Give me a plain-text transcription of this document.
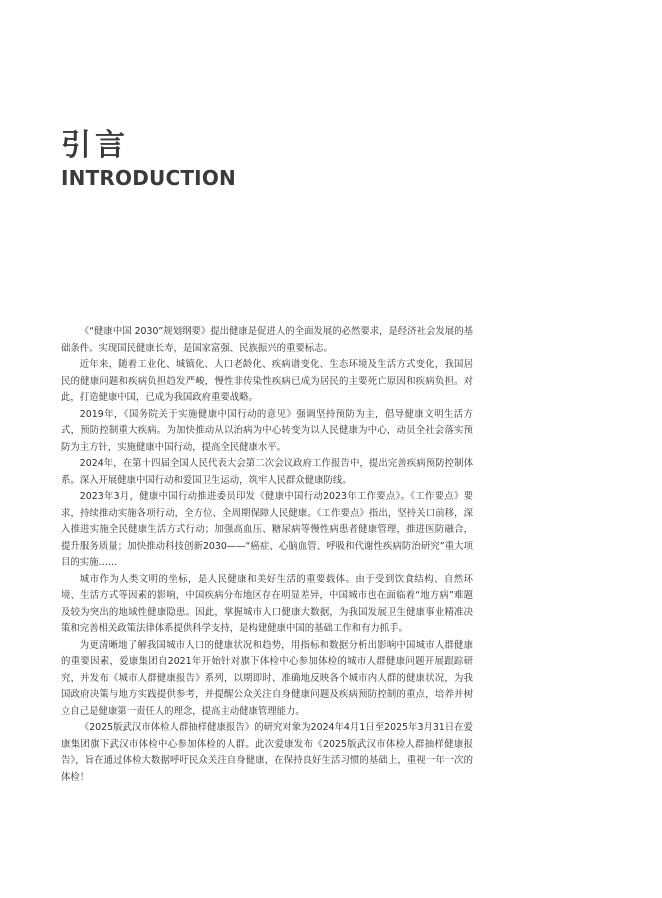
引言
INTRODUCTION

《“健康中国 2030”规划纲要》提出健康是促进人的全面发展的必然要求，是经济社会发展的基础条件。实现国民健康长寿，是国家富强、民族振兴的重要标志。

近年来，随着工业化、城镇化、人口老龄化、疾病谱变化、生态环境及生活方式变化，我国居民的健康问题和疾病负担趋发严峻，慢性非传染性疾病已成为居民的主要死亡原因和疾病负担。对此，打造健康中国，已成为我国政府重要战略。

2019年，《国务院关于实施健康中国行动的意见》强调坚持预防为主，倡导健康文明生活方式，预防控制重大疾病。为加快推动从以治病为中心转变为以人民健康为中心，动员全社会落实预防为主方针，实施健康中国行动，提高全民健康水平。

2024年，在第十四届全国人民代表大会第二次会议政府工作报告中，提出完善疾病预防控制体系。深入开展健康中国行动和爱国卫生运动，筑牢人民群众健康防线。

2023年3月，健康中国行动推进委员印发《健康中国行动2023年工作要点》。《工作要点》要求，持续推动实施各项行动，全方位、全周期保障人民健康。《工作要点》指出，坚持关口前移，深入推进实施全民健康生活方式行动；加强高血压、糖尿病等慢性病患者健康管理，推进医防融合，提升服务质量；加快推动科技创新2030——“癌症、心脑血管、呼吸和代谢性疾病防治研究”重大项目的实施……

城市作为人类文明的坐标，是人民健康和美好生活的重要载体。由于受到饮食结构、自然环境、生活方式等因素的影响，中国疾病分布地区存在明显差异，中国城市也在面临着“地方病”难题及较为突出的地域性健康隐患。因此，掌握城市人口健康大数据，为我国发展卫生健康事业精准决策和完善相关政策法律体系提供科学支持，是构建健康中国的基础工作和有力抓手。

为更清晰地了解我国城市人口的健康状况和趋势，用指标和数据分析出影响中国城市人群健康的重要因素，爱康集团自2021年开始针对旗下体检中心参加体检的城市人群健康问题开展跟踪研究，并发布《城市人群健康报告》系列，以期即时、准确地反映各个城市内人群的健康状况，为我国政府决策与地方实践提供参考，并提醒公众关注自身健康问题及疾病预防控制的重点，培养并树立自己是健康第一责任人的理念，提高主动健康管理能力。

《2025版武汉市体检人群抽样健康报告》的研究对象为2024年4月1日至2025年3月31日在爱康集团旗下武汉市体检中心参加体检的人群。此次爱康发布《2025版武汉市体检人群抽样健康报告》，旨在通过体检大数据呼吁民众关注自身健康，在保持良好生活习惯的基础上，重视一年一次的体检！
